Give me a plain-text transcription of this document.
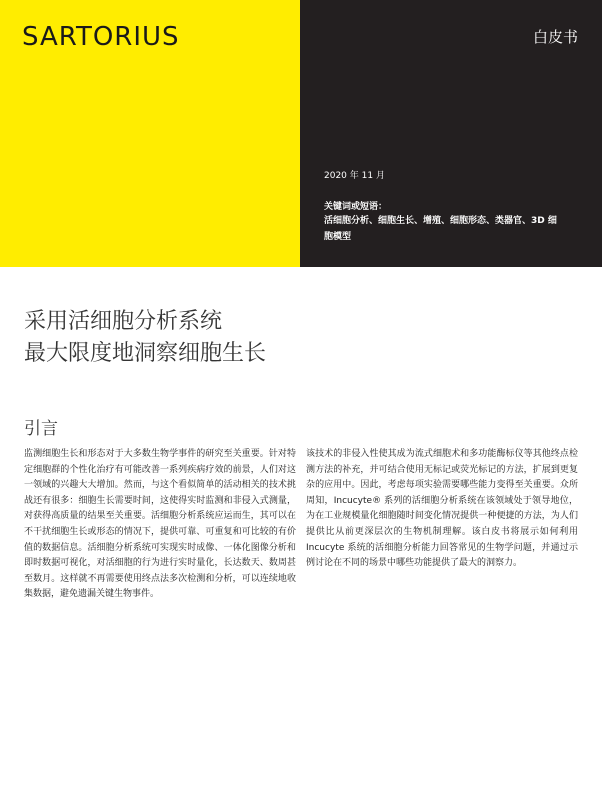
SARTORIUS	白皮书
2020 年 11 月
关键词或短语：
活细胞分析、细胞生长、增殖、细胞形态、类器官、3D 细胞模型
采用活细胞分析系统
最大限度地洞察细胞生长
引言
监测细胞生长和形态对于大多数生物学事件的研究至关重要。针对特定细胞群的个性化治疗有可能改善一系列疾病疗效的前景，人们对这一领域的兴趣大大增加。然而，与这个看似简单的活动相关的技术挑战还有很多：细胞生长需要时间，这使得实时监测和非侵入式测量，对获得高质量的结果至关重要。活细胞分析系统应运而生，其可以在不干扰细胞生长或形态的情况下，提供可靠、可重复和可比较的有价值的数据信息。活细胞分析系统可实现实时成像、一体化图像分析和即时数据可视化，对活细胞的行为进行实时量化，长达数天、数周甚至数月。这样就不再需要使用终点法多次检测和分析，可以连续地收集数据，避免遗漏关键生物事件。
该技术的非侵入性使其成为流式细胞术和多功能酶标仪等其他终点检测方法的补充，并可结合使用无标记或荧光标记的方法，扩展到更复杂的应用中。因此，考虑每项实验需要哪些能力变得至关重要。众所周知，Incucyte® 系列的活细胞分析系统在该领域处于领导地位，为在工业规模量化细胞随时间变化情况提供一种便捷的方法，为人们提供比从前更深层次的生物机制理解。该白皮书将展示如何利用 Incucyte 系统的活细胞分析能力回答常见的生物学问题，并通过示例讨论在不同的场景中哪些功能提供了最大的洞察力。
